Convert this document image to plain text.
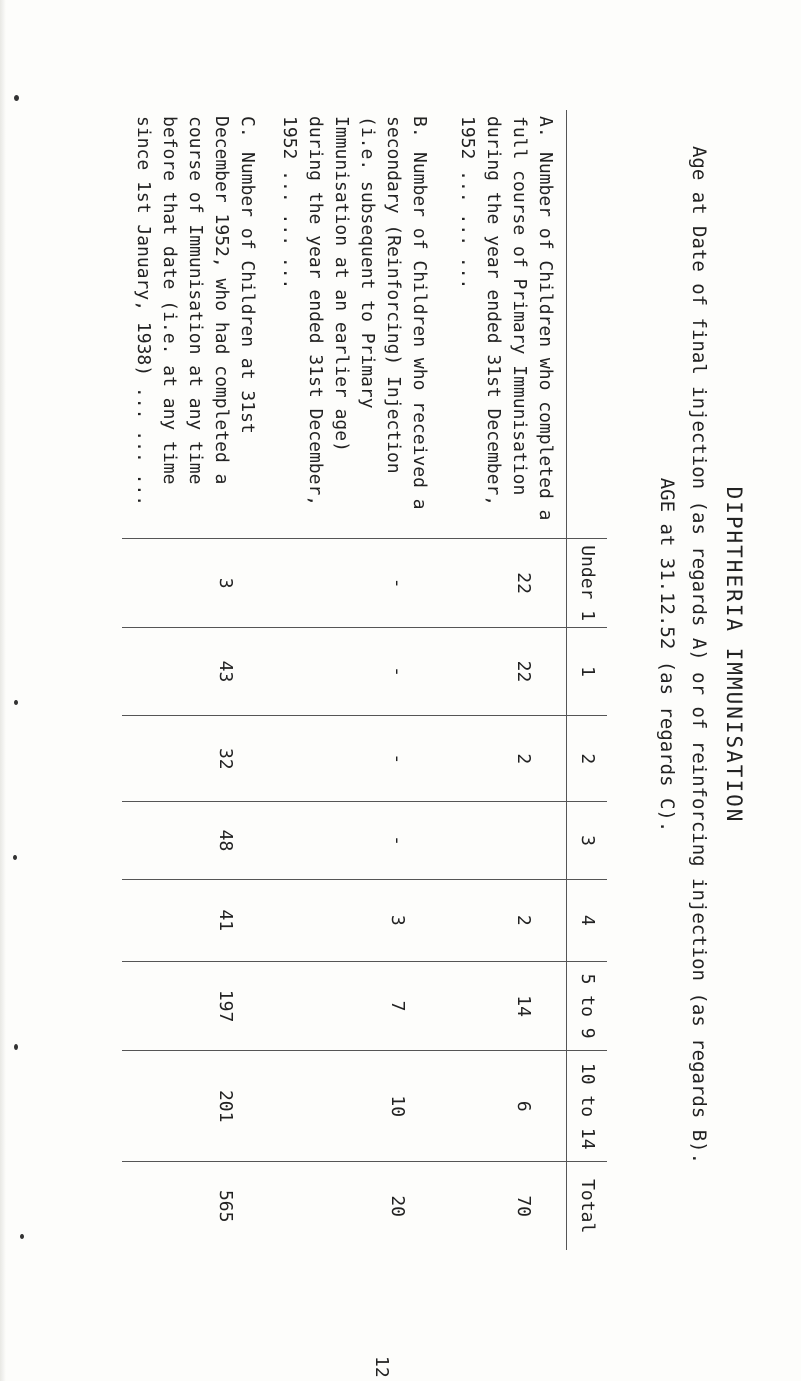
DIPHTHERIA IMMUNISATION
Age at Date of final injection (as regards A) or of reinforcing injection (as regards B).
AGE at 31.12.52 (as regards C).
	Under 1	1	2	3	4	5 to 9	10 to 14	Total
A.Number of Children who completed a full course of Primary Immunisation during the year ended 31st December, 1952 ... ... ...	22	22	2		2	14	6	70
B.Number of Children who received a secondary (Reinforcing) Injection (i.e. subsequent to Primary Immunisation at an earlier age) during the year ended 31st December, 1952 ... ... ...	-	-	-	-	3	7	10	20
C.Number of Children at 31st December 1952, who had completed a course of Immunisation at any time before that date (i.e. at any time since 1st January, 1938) ... ... ...	3	43	32	48	41	197	201	565
12
